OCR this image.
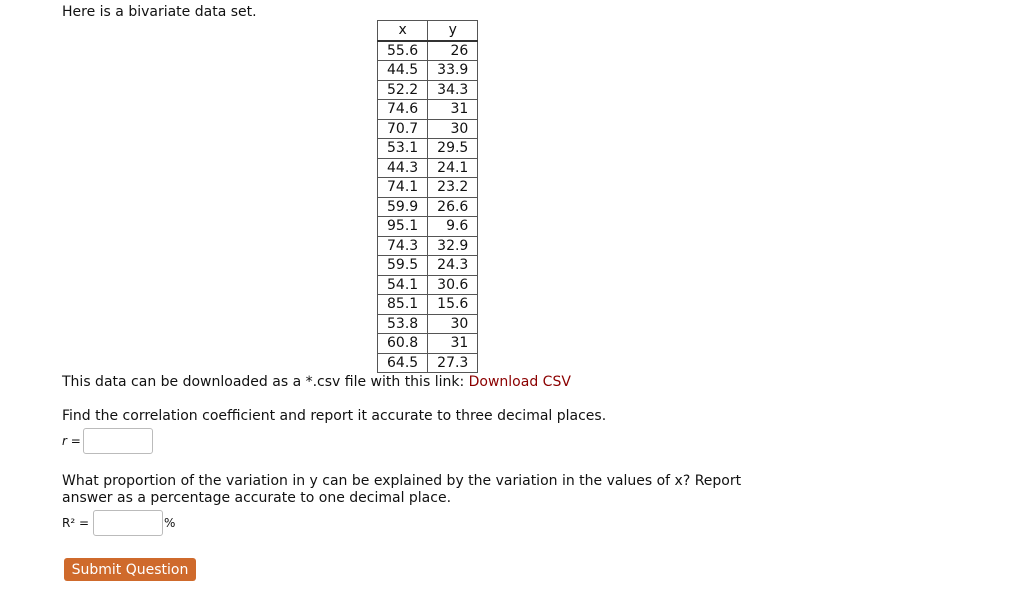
Here is a bivariate data set.
x	y
55.6	26
44.5	33.9
52.2	34.3
74.6	31
70.7	30
53.1	29.5
44.3	24.1
74.1	23.2
59.9	26.6
95.1	9.6
74.3	32.9
59.5	24.3
54.1	30.6
85.1	15.6
53.8	30
60.8	31
64.5	27.3
This data can be downloaded as a *.csv file with this link: Download CSV
Find the correlation coefficient and report it accurate to three decimal places.
r =
What proportion of the variation in y can be explained by the variation in the values of x? Report answer as a percentage accurate to one decimal place.
R² =	%
Submit Question
